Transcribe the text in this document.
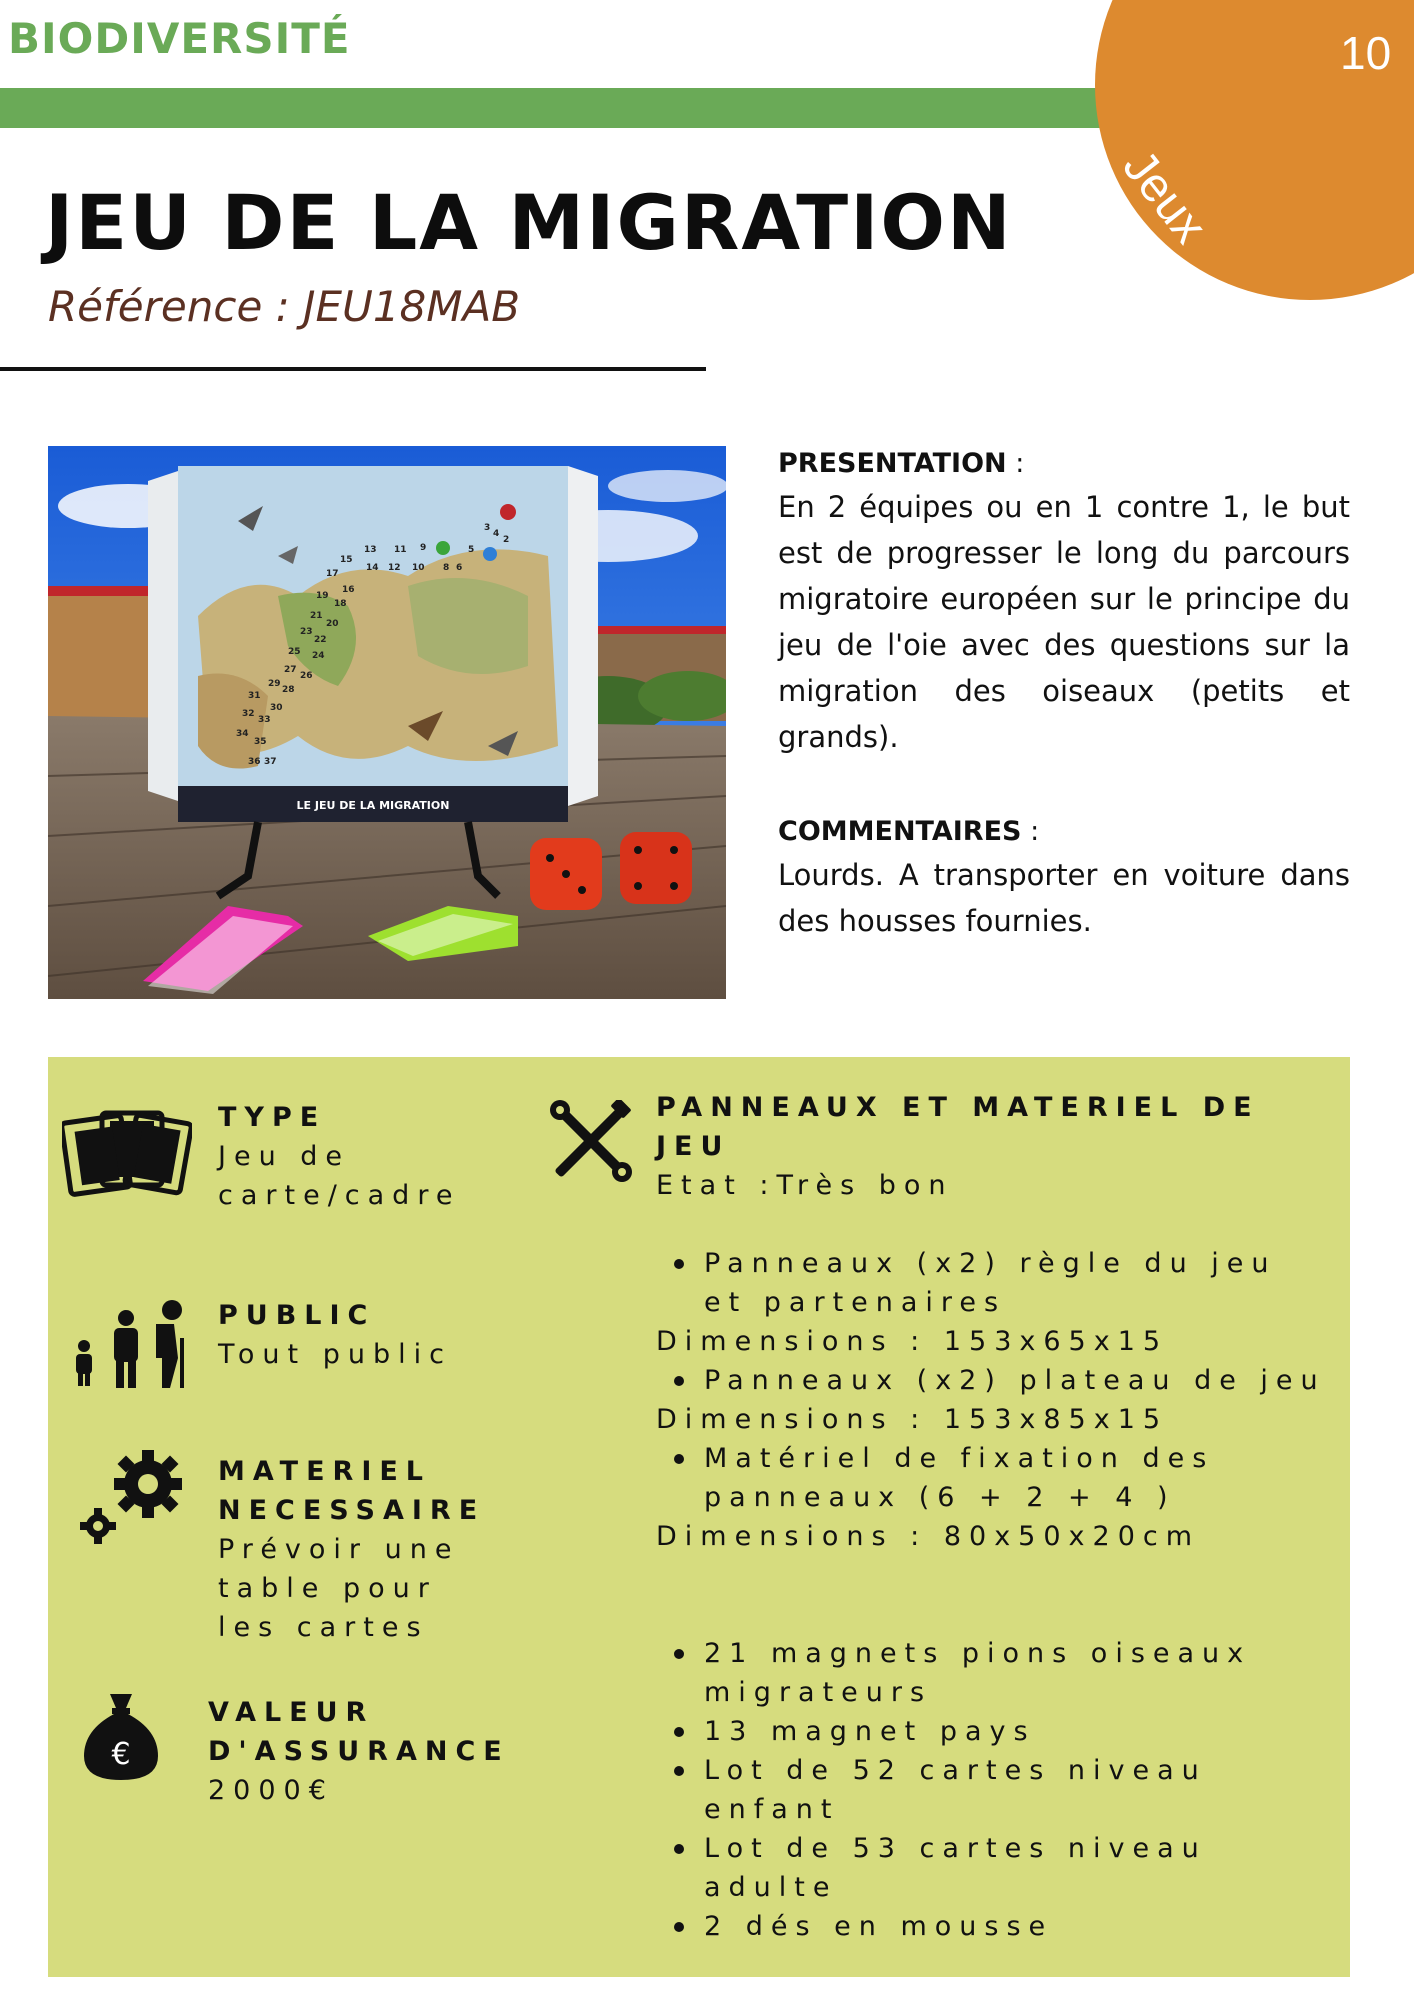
BIODIVERSITÉ	10
Jeux
JEU DE LA MIGRATION
Référence : JEU18MAB
2
3
4
5
6
8
9
10
11
12
13
14
15
16
17
18
19
20
21
22
23
24
25
26
27
28
29
30
31
32
33
34
35
36 37
LE JEU DE LA MIGRATION
PRESENTATION :
En 2 équipes ou en 1 contre 1, le but est de progresser le long du parcours migratoire européen sur le principe du jeu de l'oie avec des questions sur la migration des oiseaux (petits et grands).
COMMENTAIRES :
Lourds. A transporter en voiture dans des housses fournies.
TYPE
Jeu de
carte/cadre
PUBLIC
Tout public
MATERIEL
NECESSAIRE
Prévoir une
table pour
les cartes
€
VALEUR
D'ASSURANCE
2000€
PANNEAUX ET MATERIEL DE
JEU
Etat :Très bon
Panneaux (x2) règle du jeu
et partenaires
Dimensions : 153x65x15
Panneaux (x2) plateau de jeu
Dimensions : 153x85x15
Matériel de fixation des
panneaux (6 + 2 + 4 )
Dimensions : 80x50x20cm
21 magnets pions oiseaux
migrateurs
13 magnet pays
Lot de 52 cartes niveau
enfant
Lot de 53 cartes niveau
adulte
2 dés en mousse
